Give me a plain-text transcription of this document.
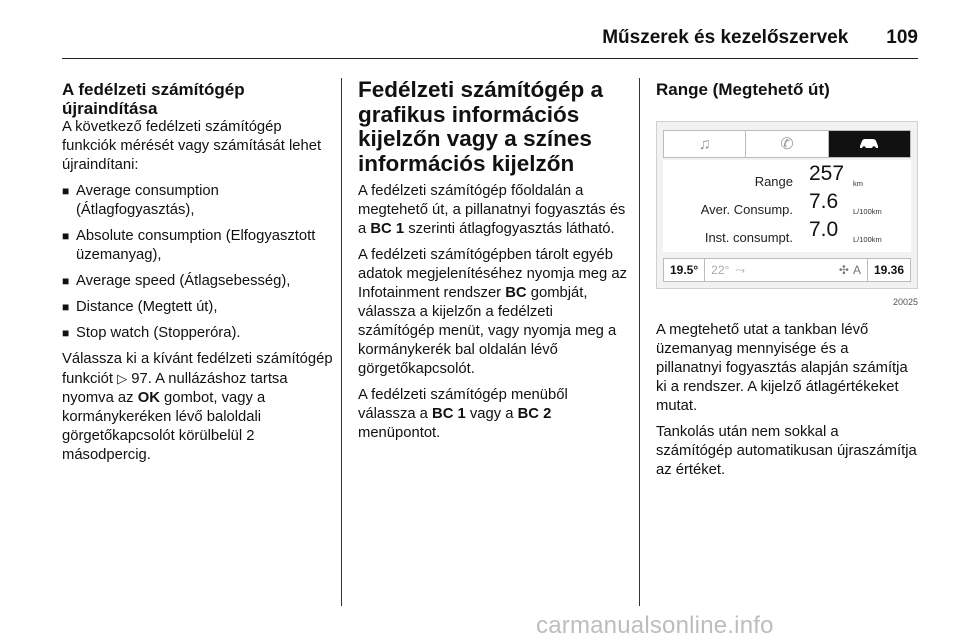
Műszerek és kezelőszervek 109
A fedélzeti számítógép
újraindítása

A következő fedélzeti számítógép funkciók mérését vagy számítását lehet újraindítani:

■ Average consumption (Átlagfogyasztás),
■ Absolute consumption (Elfogyasztott üzemanyag),
■ Average speed (Átlagsebesség),
■ Distance (Megtett út),
■ Stop watch (Stopperóra).

Válassza ki a kívánt fedélzeti számítógép funkciót ▷ 97. A nullázáshoz tartsa nyomva az OK gombot, vagy a kormánykeréken lévő baloldali görgetőkapcsolót körülbelül 2 másodpercig.

Fedélzeti számítógép a grafikus információs kijelzőn vagy a színes információs kijelzőn

A fedélzeti számítógép főoldalán a megtehető út, a pillanatnyi fogyasztás és a BC 1 szerinti átlagfogyasztás látható.

A fedélzeti számítógépben tárolt egyéb adatok megjelenítéséhez nyomja meg az Infotainment rendszer BC gombját, válassza a kijelzőn a fedélzeti számítógép menüt, vagy nyomja meg a kormánykerék bal oldalán lévő görgetőkapcsolót.

A fedélzeti számítógép menüből válassza a BC 1 vagy a BC 2 menüpontot.

Range (Megtehető út)
♫	✆
Range 257 km
Aver. Consump. 7.6 L/100km
Inst. consumpt. 7.0 L/100km
19.5°	22° ⤳	✣ A	19.36
20025

A megtehető utat a tankban lévő üzemanyag mennyisége és a pillanatnyi fogyasztás alapján számítja ki a rendszer. A kijelző átlagértékeket mutat.

Tankolás után nem sokkal a számítógép automatikusan újraszámítja az értéket.

carmanualsonline.info
